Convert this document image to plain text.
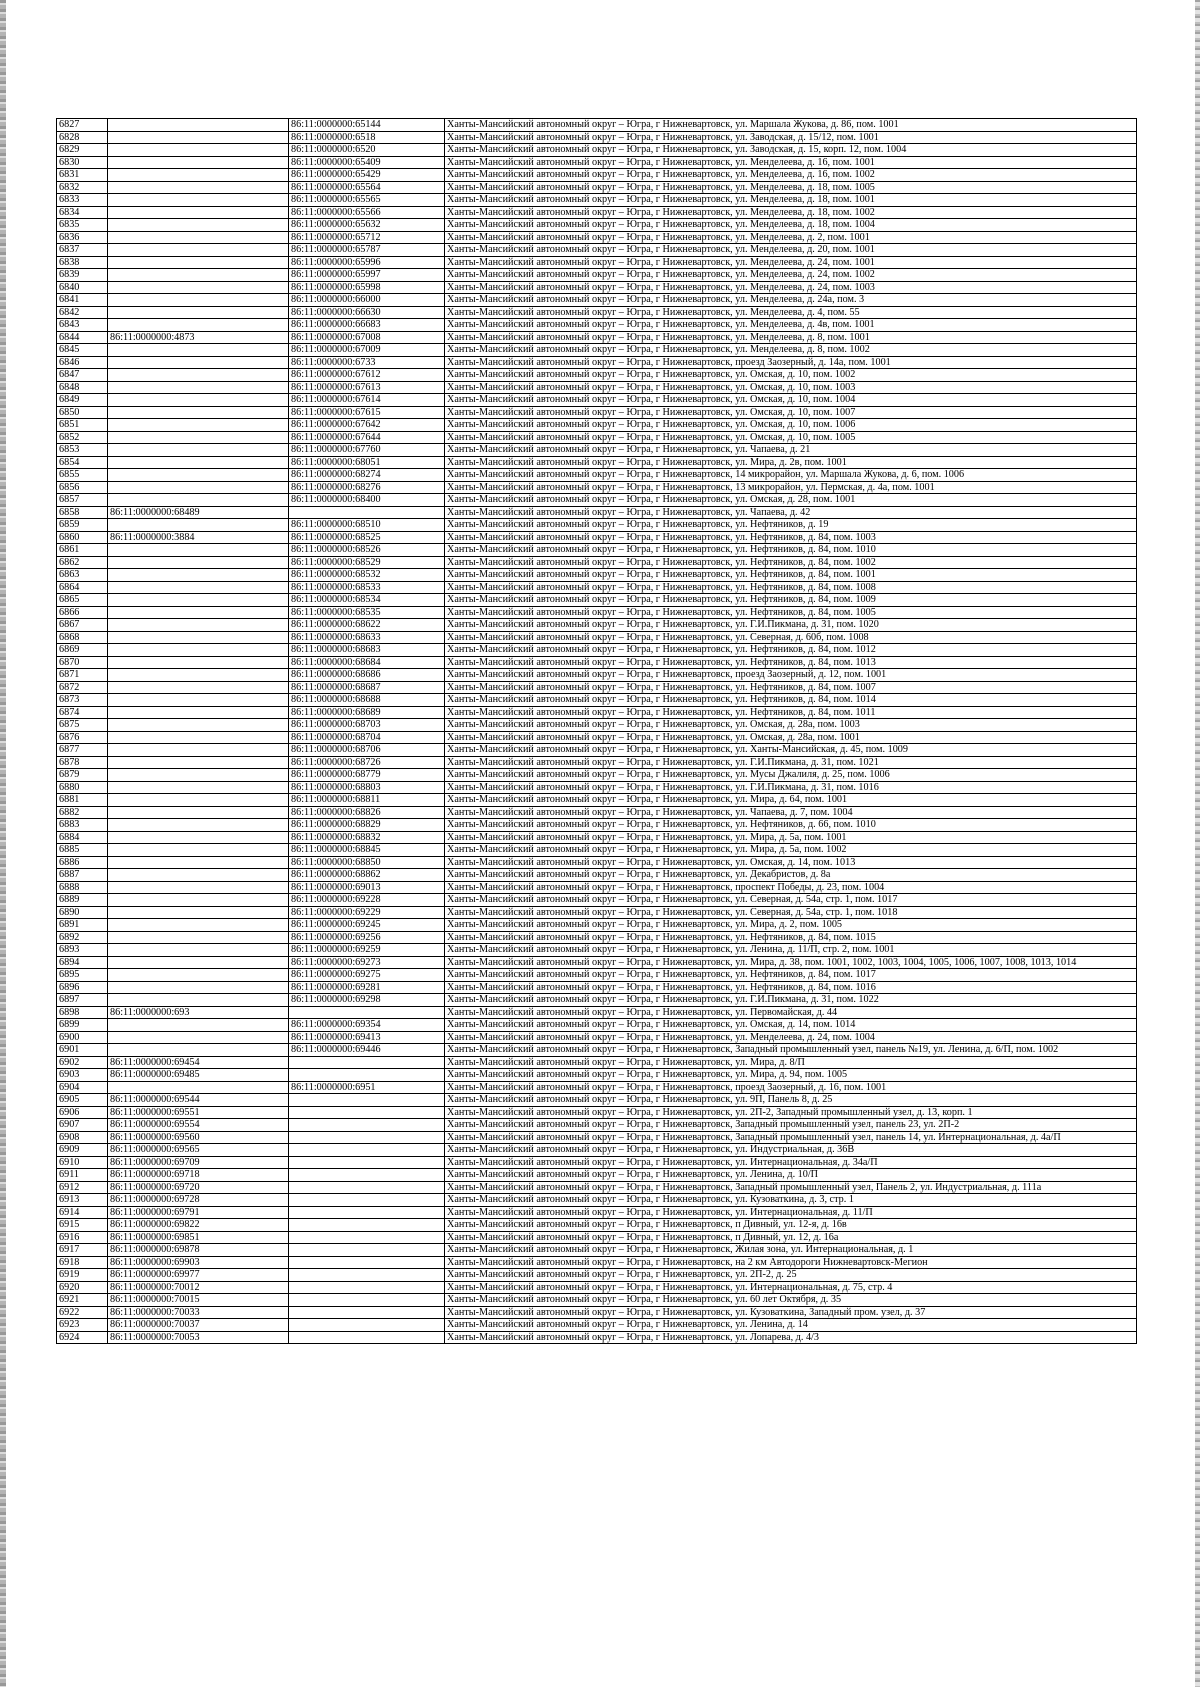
6827		86:11:0000000:65144	Ханты-Мансийский автономный округ – Югра, г Нижневартовск, ул. Маршала Жукова, д. 86, пом. 1001
6828		86:11:0000000:6518	Ханты-Мансийский автономный округ – Югра, г Нижневартовск, ул. Заводская, д. 15/12, пом. 1001
6829		86:11:0000000:6520	Ханты-Мансийский автономный округ – Югра, г Нижневартовск, ул. Заводская, д. 15, корп. 12, пом. 1004
6830		86:11:0000000:65409	Ханты-Мансийский автономный округ – Югра, г Нижневартовск, ул. Менделеева, д. 16, пом. 1001
6831		86:11:0000000:65429	Ханты-Мансийский автономный округ – Югра, г Нижневартовск, ул. Менделеева, д. 16, пом. 1002
6832		86:11:0000000:65564	Ханты-Мансийский автономный округ – Югра, г Нижневартовск, ул. Менделеева, д. 18, пом. 1005
6833		86:11:0000000:65565	Ханты-Мансийский автономный округ – Югра, г Нижневартовск, ул. Менделеева, д. 18, пом. 1001
6834		86:11:0000000:65566	Ханты-Мансийский автономный округ – Югра, г Нижневартовск, ул. Менделеева, д. 18, пом. 1002
6835		86:11:0000000:65632	Ханты-Мансийский автономный округ – Югра, г Нижневартовск, ул. Менделеева, д. 18, пом. 1004
6836		86:11:0000000:65712	Ханты-Мансийский автономный округ – Югра, г Нижневартовск, ул. Менделеева, д. 2, пом. 1001
6837		86:11:0000000:65787	Ханты-Мансийский автономный округ – Югра, г Нижневартовск, ул. Менделеева, д. 20, пом. 1001
6838		86:11:0000000:65996	Ханты-Мансийский автономный округ – Югра, г Нижневартовск, ул. Менделеева, д. 24, пом. 1001
6839		86:11:0000000:65997	Ханты-Мансийский автономный округ – Югра, г Нижневартовск, ул. Менделеева, д. 24, пом. 1002
6840		86:11:0000000:65998	Ханты-Мансийский автономный округ – Югра, г Нижневартовск, ул. Менделеева, д. 24, пом. 1003
6841		86:11:0000000:66000	Ханты-Мансийский автономный округ – Югра, г Нижневартовск, ул. Менделеева, д. 24а, пом. 3
6842		86:11:0000000:66630	Ханты-Мансийский автономный округ – Югра, г Нижневартовск, ул. Менделеева, д. 4, пом. 55
6843		86:11:0000000:66683	Ханты-Мансийский автономный округ – Югра, г Нижневартовск, ул. Менделеева, д. 4в, пом. 1001
6844	86:11:0000000:4873	86:11:0000000:67008	Ханты-Мансийский автономный округ – Югра, г Нижневартовск, ул. Менделеева, д. 8, пом. 1001
6845		86:11:0000000:67009	Ханты-Мансийский автономный округ – Югра, г Нижневартовск, ул. Менделеева, д. 8, пом. 1002
6846		86:11:0000000:6733	Ханты-Мансийский автономный округ – Югра, г Нижневартовск, проезд Заозерный, д. 14а, пом. 1001
6847		86:11:0000000:67612	Ханты-Мансийский автономный округ – Югра, г Нижневартовск, ул. Омская, д. 10, пом. 1002
6848		86:11:0000000:67613	Ханты-Мансийский автономный округ – Югра, г Нижневартовск, ул. Омская, д. 10, пом. 1003
6849		86:11:0000000:67614	Ханты-Мансийский автономный округ – Югра, г Нижневартовск, ул. Омская, д. 10, пом. 1004
6850		86:11:0000000:67615	Ханты-Мансийский автономный округ – Югра, г Нижневартовск, ул. Омская, д. 10, пом. 1007
6851		86:11:0000000:67642	Ханты-Мансийский автономный округ – Югра, г Нижневартовск, ул. Омская, д. 10, пом. 1006
6852		86:11:0000000:67644	Ханты-Мансийский автономный округ – Югра, г Нижневартовск, ул. Омская, д. 10, пом. 1005
6853		86:11:0000000:67760	Ханты-Мансийский автономный округ – Югра, г Нижневартовск, ул. Чапаева, д. 21
6854		86:11:0000000:68051	Ханты-Мансийский автономный округ – Югра, г Нижневартовск, ул. Мира, д. 2в, пом. 1001
6855		86:11:0000000:68274	Ханты-Мансийский автономный округ – Югра, г Нижневартовск, 14 микрорайон, ул. Маршала Жукова, д. 6, пом. 1006
6856		86:11:0000000:68276	Ханты-Мансийский автономный округ – Югра, г Нижневартовск, 13 микрорайон, ул. Пермская, д. 4а, пом. 1001
6857		86:11:0000000:68400	Ханты-Мансийский автономный округ – Югра, г Нижневартовск, ул. Омская, д. 28, пом. 1001
6858	86:11:0000000:68489		Ханты-Мансийский автономный округ – Югра, г Нижневартовск, ул. Чапаева, д. 42
6859		86:11:0000000:68510	Ханты-Мансийский автономный округ – Югра, г Нижневартовск, ул. Нефтяников, д. 19
6860	86:11:0000000:3884	86:11:0000000:68525	Ханты-Мансийский автономный округ – Югра, г Нижневартовск, ул. Нефтяников, д. 84, пом. 1003
6861		86:11:0000000:68526	Ханты-Мансийский автономный округ – Югра, г Нижневартовск, ул. Нефтяников, д. 84, пом. 1010
6862		86:11:0000000:68529	Ханты-Мансийский автономный округ – Югра, г Нижневартовск, ул. Нефтяников, д. 84, пом. 1002
6863		86:11:0000000:68532	Ханты-Мансийский автономный округ – Югра, г Нижневартовск, ул. Нефтяников, д. 84, пом. 1001
6864		86:11:0000000:68533	Ханты-Мансийский автономный округ – Югра, г Нижневартовск, ул. Нефтяников, д. 84, пом. 1008
6865		86:11:0000000:68534	Ханты-Мансийский автономный округ – Югра, г Нижневартовск, ул. Нефтяников, д. 84, пом. 1009
6866		86:11:0000000:68535	Ханты-Мансийский автономный округ – Югра, г Нижневартовск, ул. Нефтяников, д. 84, пом. 1005
6867		86:11:0000000:68622	Ханты-Мансийский автономный округ – Югра, г Нижневартовск, ул. Г.И.Пикмана, д. 31, пом. 1020
6868		86:11:0000000:68633	Ханты-Мансийский автономный округ – Югра, г Нижневартовск, ул. Северная, д. 60б, пом. 1008
6869		86:11:0000000:68683	Ханты-Мансийский автономный округ – Югра, г Нижневартовск, ул. Нефтяников, д. 84, пом. 1012
6870		86:11:0000000:68684	Ханты-Мансийский автономный округ – Югра, г Нижневартовск, ул. Нефтяников, д. 84, пом. 1013
6871		86:11:0000000:68686	Ханты-Мансийский автономный округ – Югра, г Нижневартовск, проезд Заозерный, д. 12, пом. 1001
6872		86:11:0000000:68687	Ханты-Мансийский автономный округ – Югра, г Нижневартовск, ул. Нефтяников, д. 84, пом. 1007
6873		86:11:0000000:68688	Ханты-Мансийский автономный округ – Югра, г Нижневартовск, ул. Нефтяников, д. 84, пом. 1014
6874		86:11:0000000:68689	Ханты-Мансийский автономный округ – Югра, г Нижневартовск, ул. Нефтяников, д. 84, пом. 1011
6875		86:11:0000000:68703	Ханты-Мансийский автономный округ – Югра, г Нижневартовск, ул. Омская, д. 28а, пом. 1003
6876		86:11:0000000:68704	Ханты-Мансийский автономный округ – Югра, г Нижневартовск, ул. Омская, д. 28а, пом. 1001
6877		86:11:0000000:68706	Ханты-Мансийский автономный округ – Югра, г Нижневартовск, ул. Ханты-Мансийская, д. 45, пом. 1009
6878		86:11:0000000:68726	Ханты-Мансийский автономный округ – Югра, г Нижневартовск, ул. Г.И.Пикмана, д. 31, пом. 1021
6879		86:11:0000000:68779	Ханты-Мансийский автономный округ – Югра, г Нижневартовск, ул. Мусы Джалиля, д. 25, пом. 1006
6880		86:11:0000000:68803	Ханты-Мансийский автономный округ – Югра, г Нижневартовск, ул. Г.И.Пикмана, д. 31, пом. 1016
6881		86:11:0000000:68811	Ханты-Мансийский автономный округ – Югра, г Нижневартовск, ул. Мира, д. 64, пом. 1001
6882		86:11:0000000:68826	Ханты-Мансийский автономный округ – Югра, г Нижневартовск, ул. Чапаева, д. 7, пом. 1004
6883		86:11:0000000:68829	Ханты-Мансийский автономный округ – Югра, г Нижневартовск, ул. Нефтяников, д. 66, пом. 1010
6884		86:11:0000000:68832	Ханты-Мансийский автономный округ – Югра, г Нижневартовск, ул. Мира, д. 5а, пом. 1001
6885		86:11:0000000:68845	Ханты-Мансийский автономный округ – Югра, г Нижневартовск, ул. Мира, д. 5а, пом. 1002
6886		86:11:0000000:68850	Ханты-Мансийский автономный округ – Югра, г Нижневартовск, ул. Омская, д. 14, пом. 1013
6887		86:11:0000000:68862	Ханты-Мансийский автономный округ – Югра, г Нижневартовск, ул. Декабристов, д. 8а
6888		86:11:0000000:69013	Ханты-Мансийский автономный округ – Югра, г Нижневартовск, проспект Победы, д. 23, пом. 1004
6889		86:11:0000000:69228	Ханты-Мансийский автономный округ – Югра, г Нижневартовск, ул. Северная, д. 54а, стр. 1, пом. 1017
6890		86:11:0000000:69229	Ханты-Мансийский автономный округ – Югра, г Нижневартовск, ул. Северная, д. 54а, стр. 1, пом. 1018
6891		86:11:0000000:69245	Ханты-Мансийский автономный округ – Югра, г Нижневартовск, ул. Мира, д. 2, пом. 1005
6892		86:11:0000000:69256	Ханты-Мансийский автономный округ – Югра, г Нижневартовск, ул. Нефтяников, д. 84, пом. 1015
6893		86:11:0000000:69259	Ханты-Мансийский автономный округ – Югра, г Нижневартовск, ул. Ленина, д. 11/П, стр. 2, пом. 1001
6894		86:11:0000000:69273	Ханты-Мансийский автономный округ – Югра, г Нижневартовск, ул. Мира, д. 38, пом. 1001, 1002, 1003, 1004, 1005, 1006, 1007, 1008, 1013, 1014
6895		86:11:0000000:69275	Ханты-Мансийский автономный округ – Югра, г Нижневартовск, ул. Нефтяников, д. 84, пом. 1017
6896		86:11:0000000:69281	Ханты-Мансийский автономный округ – Югра, г Нижневартовск, ул. Нефтяников, д. 84, пом. 1016
6897		86:11:0000000:69298	Ханты-Мансийский автономный округ – Югра, г Нижневартовск, ул. Г.И.Пикмана, д. 31, пом. 1022
6898	86:11:0000000:693		Ханты-Мансийский автономный округ – Югра, г Нижневартовск, ул. Первомайская, д. 44
6899		86:11:0000000:69354	Ханты-Мансийский автономный округ – Югра, г Нижневартовск, ул. Омская, д. 14, пом. 1014
6900		86:11:0000000:69413	Ханты-Мансийский автономный округ – Югра, г Нижневартовск, ул. Менделеева, д. 24, пом. 1004
6901		86:11:0000000:69446	Ханты-Мансийский автономный округ – Югра, г Нижневартовск, Западный промышленный узел, панель №19, ул. Ленина, д. 6/П, пом. 1002
6902	86:11:0000000:69454		Ханты-Мансийский автономный округ – Югра, г Нижневартовск, ул. Мира, д. 8/П
6903	86:11:0000000:69485		Ханты-Мансийский автономный округ – Югра, г Нижневартовск, ул. Мира, д. 94, пом. 1005
6904		86:11:0000000:6951	Ханты-Мансийский автономный округ – Югра, г Нижневартовск, проезд Заозерный, д. 16, пом. 1001
6905	86:11:0000000:69544		Ханты-Мансийский автономный округ – Югра, г Нижневартовск, ул. 9П, Панель 8, д. 25
6906	86:11:0000000:69551		Ханты-Мансийский автономный округ – Югра, г Нижневартовск, ул. 2П-2, Западный промышленный узел, д. 13, корп. 1
6907	86:11:0000000:69554		Ханты-Мансийский автономный округ – Югра, г Нижневартовск, Западный промышленный узел, панель 23, ул. 2П-2
6908	86:11:0000000:69560		Ханты-Мансийский автономный округ – Югра, г Нижневартовск, Западный промышленный узел, панель 14, ул. Интернациональная, д. 4а/П
6909	86:11:0000000:69565		Ханты-Мансийский автономный округ – Югра, г Нижневартовск, ул. Индустриальная, д. 36В
6910	86:11:0000000:69709		Ханты-Мансийский автономный округ – Югра, г Нижневартовск, ул. Интернациональная, д. 34а/П
6911	86:11:0000000:69718		Ханты-Мансийский автономный округ – Югра, г Нижневартовск, ул. Ленина, д. 10/П
6912	86:11:0000000:69720		Ханты-Мансийский автономный округ – Югра, г Нижневартовск, Западный промышленный узел, Панель 2, ул. Индустриальная, д. 111а
6913	86:11:0000000:69728		Ханты-Мансийский автономный округ – Югра, г Нижневартовск, ул. Кузоваткина, д. 3, стр. 1
6914	86:11:0000000:69791		Ханты-Мансийский автономный округ – Югра, г Нижневартовск, ул. Интернациональная, д. 11/П
6915	86:11:0000000:69822		Ханты-Мансийский автономный округ – Югра, г Нижневартовск, п Дивный, ул. 12-я, д. 16в
6916	86:11:0000000:69851		Ханты-Мансийский автономный округ – Югра, г Нижневартовск, п Дивный, ул. 12, д. 16а
6917	86:11:0000000:69878		Ханты-Мансийский автономный округ – Югра, г Нижневартовск, Жилая зона, ул. Интернациональная, д. 1
6918	86:11:0000000:69903		Ханты-Мансийский автономный округ – Югра, г Нижневартовск, на 2 км Автодороги Нижневартовск-Мегион
6919	86:11:0000000:69977		Ханты-Мансийский автономный округ – Югра, г Нижневартовск, ул. 2П-2, д. 25
6920	86:11:0000000:70012		Ханты-Мансийский автономный округ – Югра, г Нижневартовск, ул. Интернациональная, д. 75, стр. 4
6921	86:11:0000000:70015		Ханты-Мансийский автономный округ – Югра, г Нижневартовск, ул. 60 лет Октября, д. 35
6922	86:11:0000000:70033		Ханты-Мансийский автономный округ – Югра, г Нижневартовск, ул. Кузоваткина, Западный пром. узел, д. 37
6923	86:11:0000000:70037		Ханты-Мансийский автономный округ – Югра, г Нижневартовск, ул. Ленина, д. 14
6924	86:11:0000000:70053		Ханты-Мансийский автономный округ – Югра, г Нижневартовск, ул. Лопарева, д. 4/3
